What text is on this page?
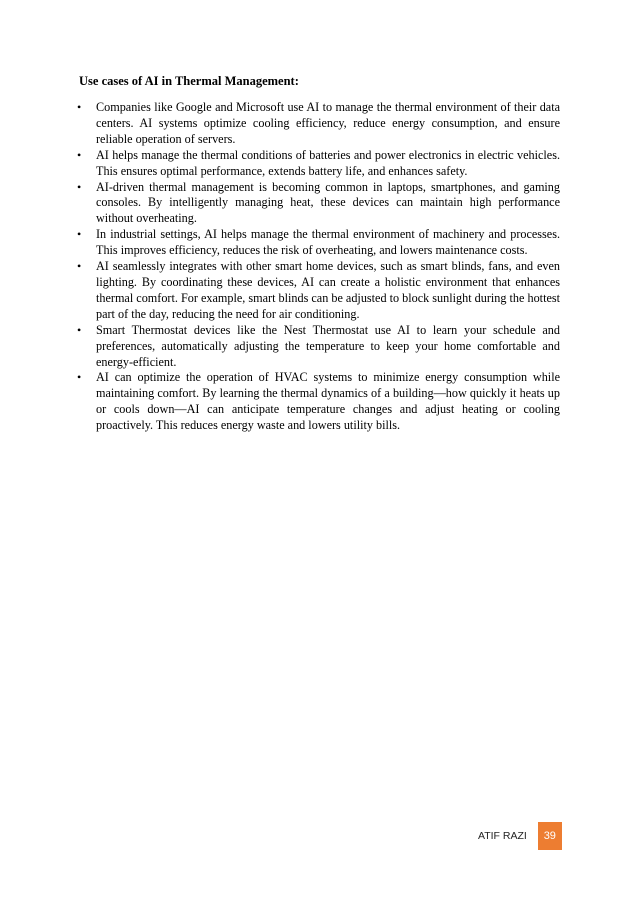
Use cases of AI in Thermal Management:
•	Companies like Google and Microsoft use AI to manage the thermal environment of their data centers. AI systems optimize cooling efficiency, reduce energy consumption, and ensure reliable operation of servers.
•	AI helps manage the thermal conditions of batteries and power electronics in electric vehicles. This ensures optimal performance, extends battery life, and enhances safety.
•	AI-driven thermal management is becoming common in laptops, smartphones, and gaming consoles. By intelligently managing heat, these devices can maintain high performance without overheating.
•	In industrial settings, AI helps manage the thermal environment of machinery and processes. This improves efficiency, reduces the risk of overheating, and lowers maintenance costs.
•	AI seamlessly integrates with other smart home devices, such as smart blinds, fans, and even lighting. By coordinating these devices, AI can create a holistic environment that enhances thermal comfort. For example, smart blinds can be adjusted to block sunlight during the hottest part of the day, reducing the need for air conditioning.
•	Smart Thermostat devices like the Nest Thermostat use AI to learn your schedule and preferences, automatically adjusting the temperature to keep your home comfortable and energy-efficient.
•	AI can optimize the operation of HVAC systems to minimize energy consumption while maintaining comfort. By learning the thermal dynamics of a building—how quickly it heats up or cools down—AI can anticipate temperature changes and adjust heating or cooling proactively. This reduces energy waste and lowers utility bills.
ATIF RAZI	39
